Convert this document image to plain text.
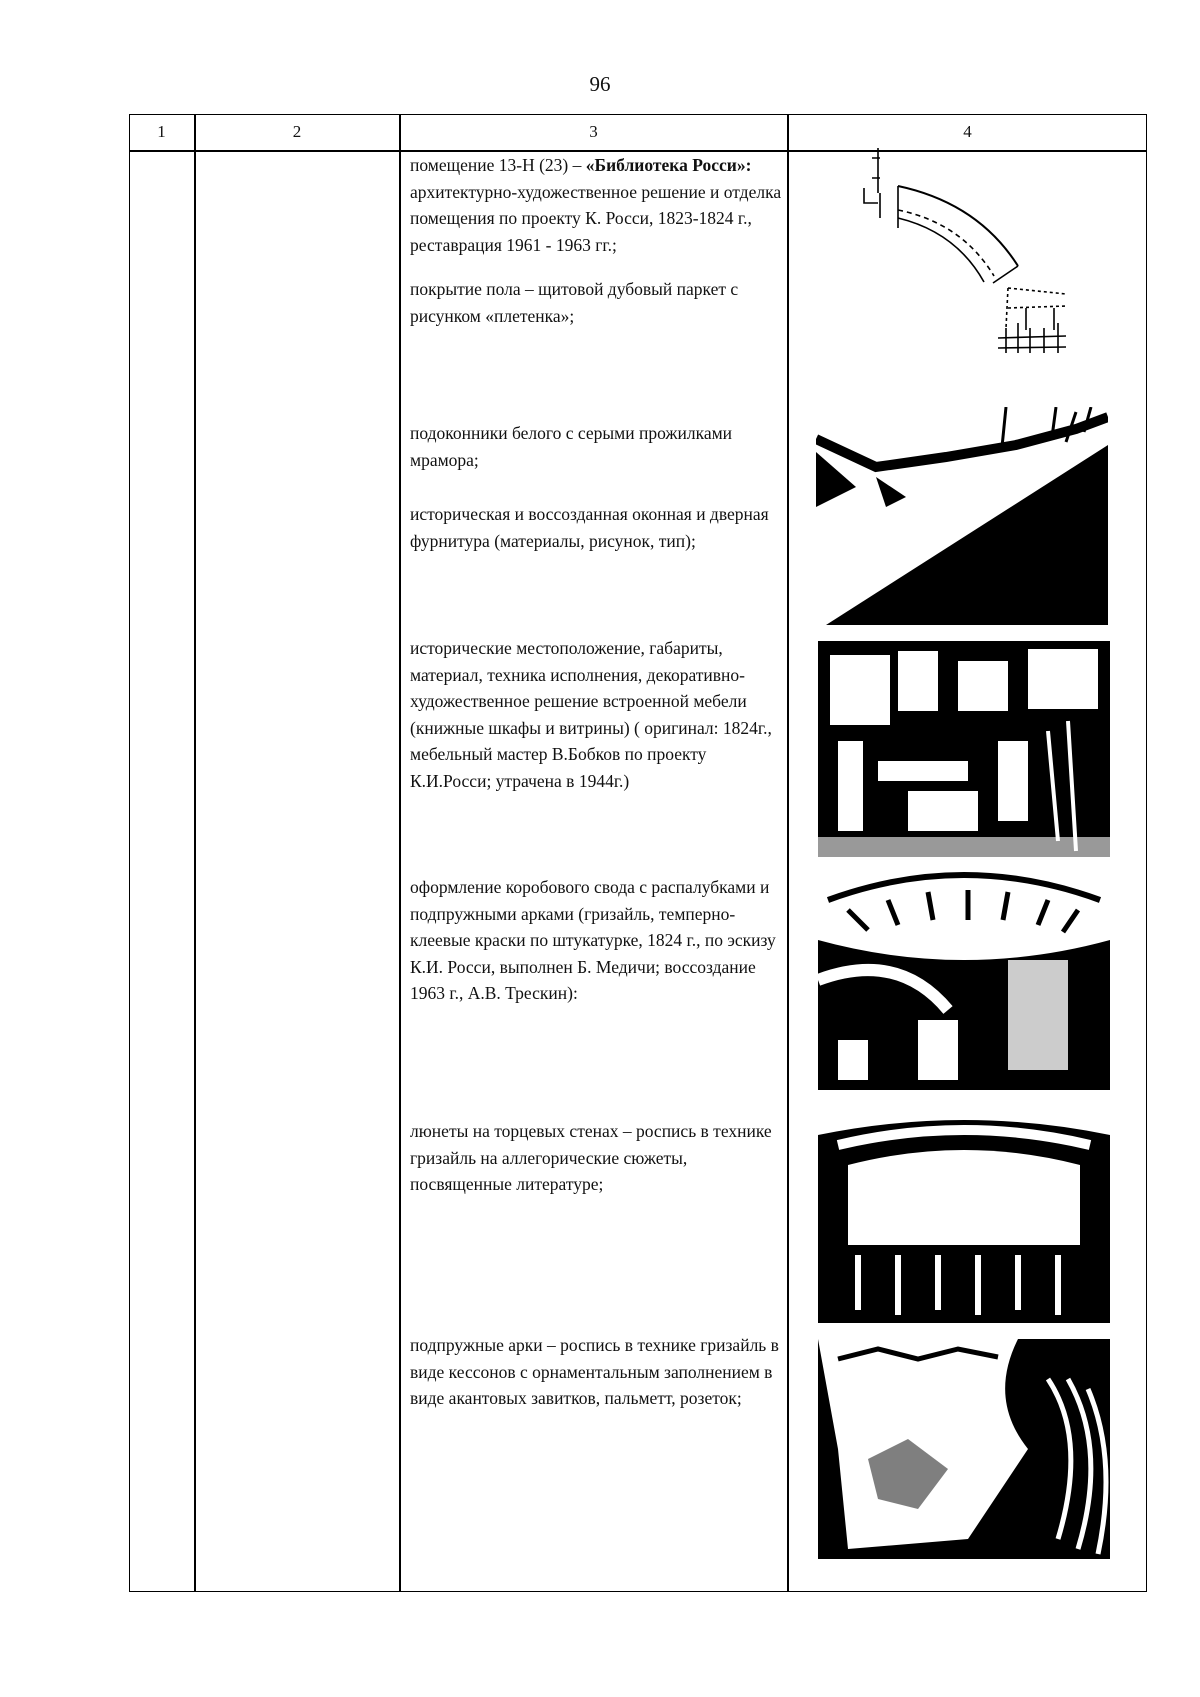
96
1	2	3	4

помещение 13-Н (23) – «Библиотека Росси»:

архитектурно-художественное решение и отделка помещения по проекту К. Росси, 1823-1824 г., реставрация 1961 - 1963 гг.;

покрытие пола – щитовой дубовый паркет с рисунком «плетенка»;

подоконники белого с серыми прожилками мрамора;
историческая и воссозданная оконная и дверная фурнитура (материалы, рисунок, тип);
исторические местоположение, габариты, материал, техника исполнения, декоративно-художественное решение встроенной мебели (книжные шкафы и витрины) ( оригинал: 1824г., мебельный мастер В.Бобков по проекту К.И.Росси; утрачена в 1944г.)
оформление коробового свода с распалубками и подпружными арками (гризайль, темперно-клеевые краски по штукатурке, 1824 г., по эскизу К.И. Росси, выполнен Б. Медичи; воссоздание 1963 г., А.В. Трескин):
люнеты на торцевых стенах – роспись в технике гризайль на аллегорические сюжеты, посвященные литературе;
подпружные арки – роспись в технике гризайль в виде кессонов с орнаментальным заполнением в виде акантовых завитков, пальметт, розеток;
